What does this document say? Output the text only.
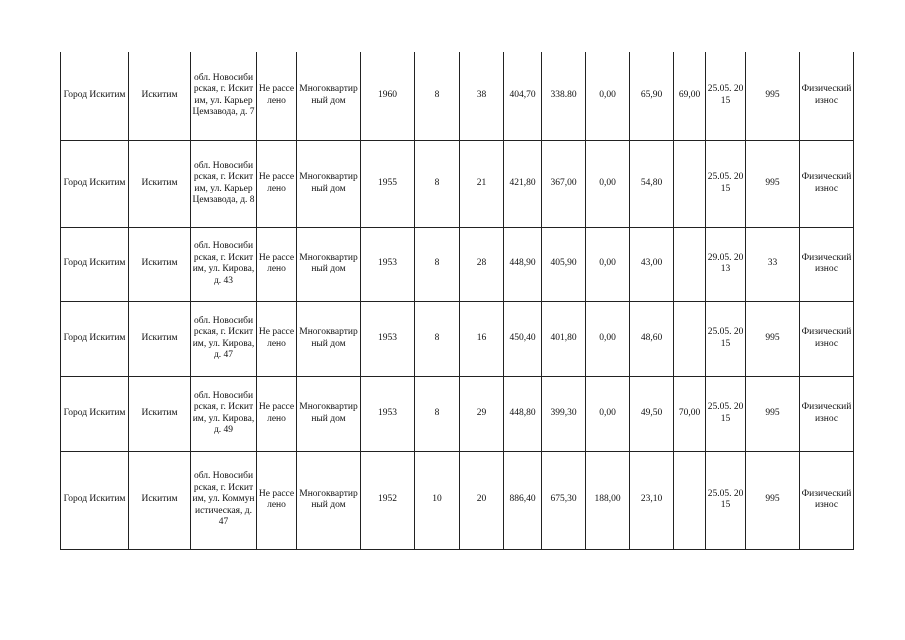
Город Искитим	Искитим	обл. Новосибирская, г. Искитим, ул. Карьер Цемзавода, д. 7	Не расселено	Многоквартирный дом	1960	8	38	404,70	338.80	0,00	65,90	69,00	25.05. 2015	995	Физический износ
Город Искитим	Искитим	обл. Новосибирская, г. Искитим, ул. Карьер Цемзавода, д. 8	Не расселено	Многоквартирный дом	1955	8	21	421,80	367,00	0,00	54,80		25.05. 2015	995	Физический износ
Город Искитим	Искитим	обл. Новосибирская, г. Искитим, ул. Кирова, д. 43	Не расселено	Многоквартирный дом	1953	8	28	448,90	405,90	0,00	43,00		29.05. 2013	33	Физический износ
Город Искитим	Искитим	обл. Новосибирская, г. Искитим, ул. Кирова, д. 47	Не расселено	Многоквартирный дом	1953	8	16	450,40	401,80	0,00	48,60		25.05. 2015	995	Физический износ
Город Искитим	Искитим	обл. Новосибирская, г. Искитим, ул. Кирова, д. 49	Не расселено	Многоквартирный дом	1953	8	29	448,80	399,30	0,00	49,50	70,00	25.05. 2015	995	Физический износ
Город Искитим	Искитим	обл. Новосибирская, г. Искитим, ул. Коммунистическая, д. 47	Не расселено	Многоквартирный дом	1952	10	20	886,40	675,30	188,00	23,10		25.05. 2015	995	Физический износ
